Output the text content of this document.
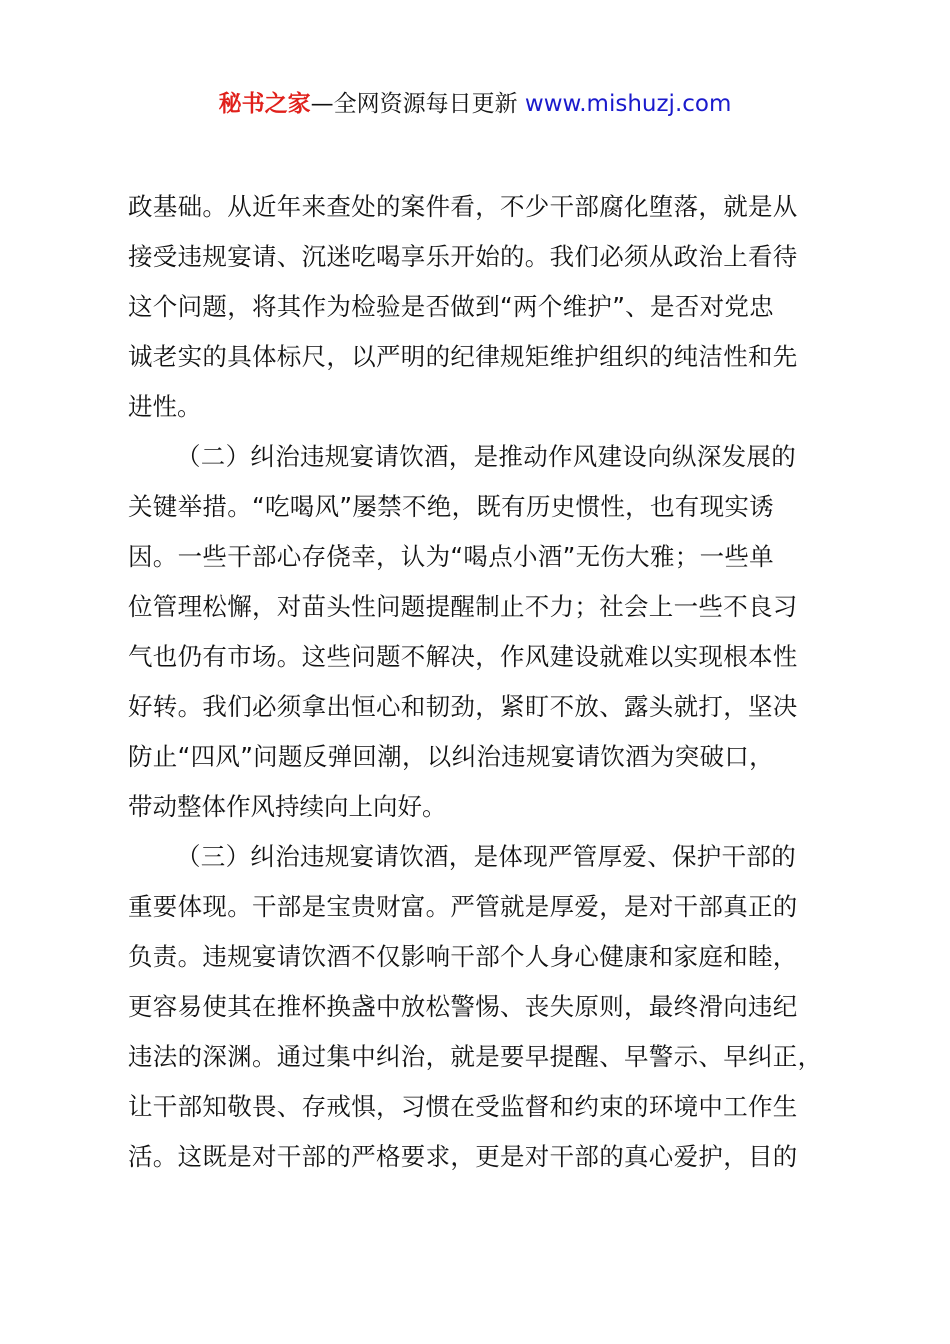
秘书之家—全网资源每日更新 www.mishuzj.com
政基础。从近年来查处的案件看，不少干部腐化堕落，就是从
接受违规宴请、沉迷吃喝享乐开始的。我们必须从政治上看待
这个问题，将其作为检验是否做到“两个维护”、是否对党忠
诚老实的具体标尺，以严明的纪律规矩维护组织的纯洁性和先
进性。
（二）纠治违规宴请饮酒，是推动作风建设向纵深发展的
关键举措。“吃喝风”屡禁不绝，既有历史惯性，也有现实诱
因。一些干部心存侥幸，认为“喝点小酒”无伤大雅；一些单
位管理松懈，对苗头性问题提醒制止不力；社会上一些不良习
气也仍有市场。这些问题不解决，作风建设就难以实现根本性
好转。我们必须拿出恒心和韧劲，紧盯不放、露头就打，坚决
防止“四风”问题反弹回潮，以纠治违规宴请饮酒为突破口，
带动整体作风持续向上向好。
（三）纠治违规宴请饮酒，是体现严管厚爱、保护干部的
重要体现。干部是宝贵财富。严管就是厚爱，是对干部真正的
负责。违规宴请饮酒不仅影响干部个人身心健康和家庭和睦，
更容易使其在推杯换盏中放松警惕、丧失原则，最终滑向违纪
违法的深渊。通过集中纠治，就是要早提醒、早警示、早纠正，
让干部知敬畏、存戒惧，习惯在受监督和约束的环境中工作生
活。这既是对干部的严格要求，更是对干部的真心爱护，目的
